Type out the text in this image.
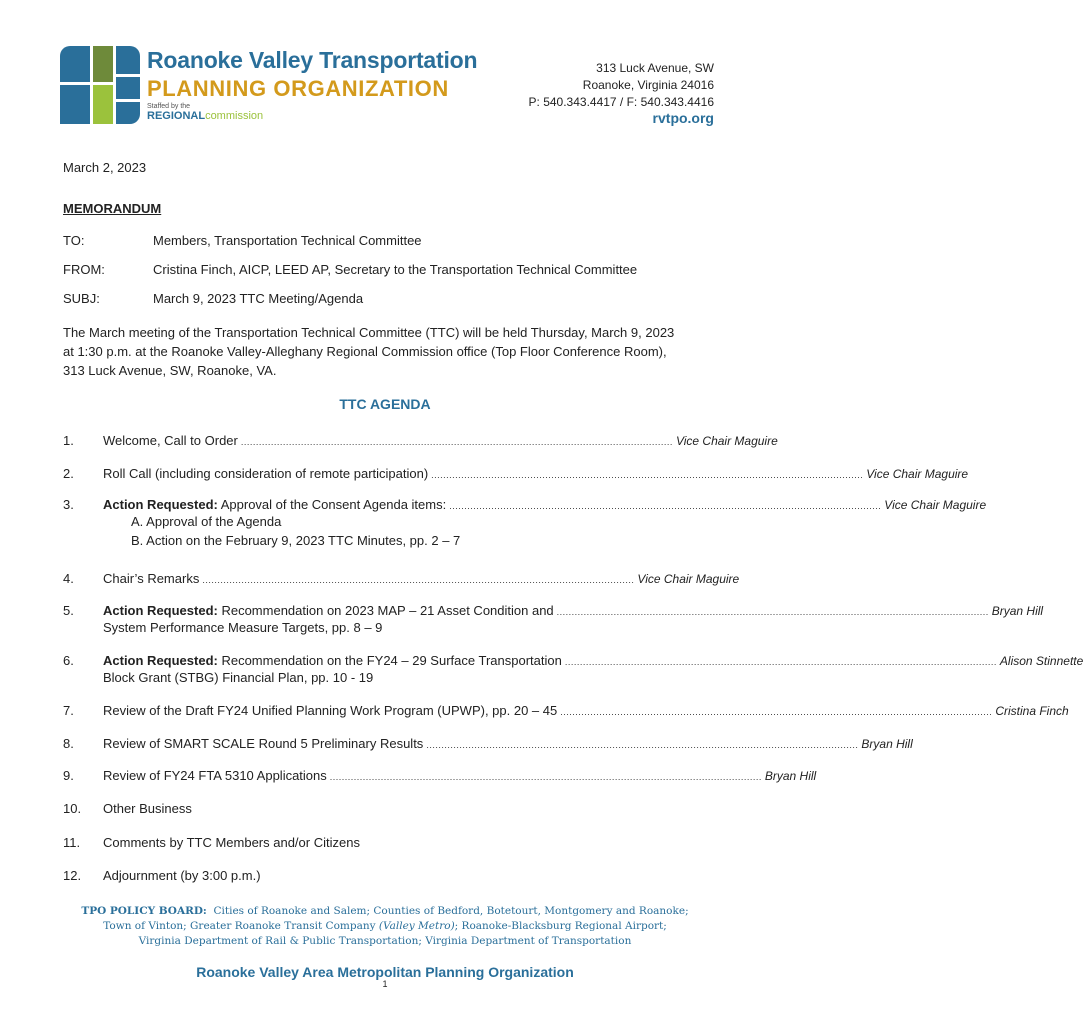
Roanoke Valley Transportation
PLANNING ORGANIZATION
Staffed by the
REGIONALcommission
313 Luck Avenue, SW
Roanoke, Virginia 24016
P: 540.343.4417 / F: 540.343.4416
rvtpo.org
March 2, 2023
MEMORANDUM
TO:	Members, Transportation Technical Committee
FROM:	Cristina Finch, AICP, LEED AP, Secretary to the Transportation Technical Committee
SUBJ:	March 9, 2023 TTC Meeting/Agenda
The March meeting of the Transportation Technical Committee (TTC) will be held Thursday, March 9, 2023
at 1:30 p.m. at the Roanoke Valley-Alleghany Regional Commission office (Top Floor Conference Room),
313 Luck Avenue, SW, Roanoke, VA.
TTC AGENDA
1. Welcome, Call to Order ................................................................................................................................................ Vice Chair Maguire
2. Roll Call (including consideration of remote participation) ................................................................................................................................................ Vice Chair Maguire
3. Action Requested: Approval of the Consent Agenda items: ................................................................................................................................................ Vice Chair Maguire
A. Approval of the Agenda
B. Action on the February 9, 2023 TTC Minutes, pp. 2 – 7
4. Chair’s Remarks ................................................................................................................................................ Vice Chair Maguire
5. Action Requested: Recommendation on 2023 MAP – 21 Asset Condition and ................................................................................................................................................ Bryan Hill
System Performance Measure Targets, pp. 8 – 9
6. Action Requested: Recommendation on the FY24 – 29 Surface Transportation ................................................................................................................................................ Alison Stinnette
Block Grant (STBG) Financial Plan, pp. 10 - 19
7. Review of the Draft FY24 Unified Planning Work Program (UPWP), pp. 20 – 45 ................................................................................................................................................ Cristina Finch
8. Review of SMART SCALE Round 5 Preliminary Results ................................................................................................................................................ Bryan Hill
9. Review of FY24 FTA 5310 Applications ................................................................................................................................................ Bryan Hill
10. Other Business
11. Comments by TTC Members and/or Citizens
12. Adjournment (by 3:00 p.m.)
TPO POLICY BOARD: Cities of Roanoke and Salem; Counties of Bedford, Botetourt, Montgomery and Roanoke;
Town of Vinton; Greater Roanoke Transit Company (Valley Metro); Roanoke-Blacksburg Regional Airport;
Virginia Department of Rail & Public Transportation; Virginia Department of Transportation
Roanoke Valley Area Metropolitan Planning Organization
1
